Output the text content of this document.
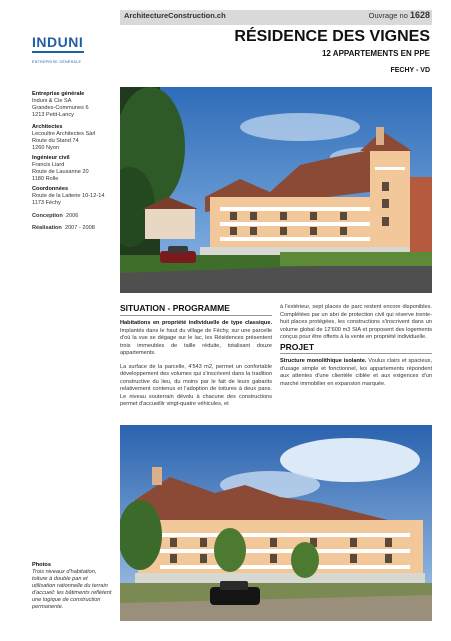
ArchitectureConstruction.ch	Ouvrage no 1628
INDUNI
ENTREPRISE GÉNÉRALE
RÉSIDENCE DES VIGNES
12 APPARTEMENTS EN PPE
FECHY - VD
Entreprise générale
Induni & Cie SA
Grandes-Communes 6
1213 Petit-Lancy
Architectes
Lecoultre Architectes Sàrl
Route du Stand 74
1260 Nyon
Ingénieur civil
Francis Liard
Route de Lausanne 20
1180 Rolle
Coordonnées
Route de la Laiterie 10-12-14
1173 Féchy
Conception 2006
Réalisation 2007 - 2008
SITUATION - PROGRAMME

Habitations en propriété individuelle de type classique. Implantés dans le haut du village de Féchy, sur une parcelle d'où la vue se dégage sur le lac, les Résidences présentent trois immeubles de taille réduite, totalisant douze appartements.

La surface de la parcelle, 4'543 m2, permet un confortable développement des volumes qui s'inscrivent dans la tradition constructive du lieu, du moins par le fait de leurs gabarits relativement contenus et l'adoption de toitures à deux pans. Le niveau souterrain dévolu à chacune des constructions permet d'accueillir vingt-quatre véhicules, et

à l'extérieur, sept places de parc restent encore disponibles. Complétées par un abri de protection civil qui réserve trente-huit places protégées, les constructions s'inscrivent dans un volume global de 12'600 m3 SIA et proposent des logements conçus pour être offerts à la vente en propriété individuelle.

PROJET

Structure monolithique isolante. Voulus clairs et spacieux, d'usage simple et fonctionnel, les appartements répondent aux attentes d'une clientèle ciblée et aux exigences d'un marché immobilier en expansion marquée.

Photos
Trois niveaux d'habitation, toiture à double pan et utilisation rationnelle du terrain d'accueil: les bâtiments reflètent une logique de construction permanente.
